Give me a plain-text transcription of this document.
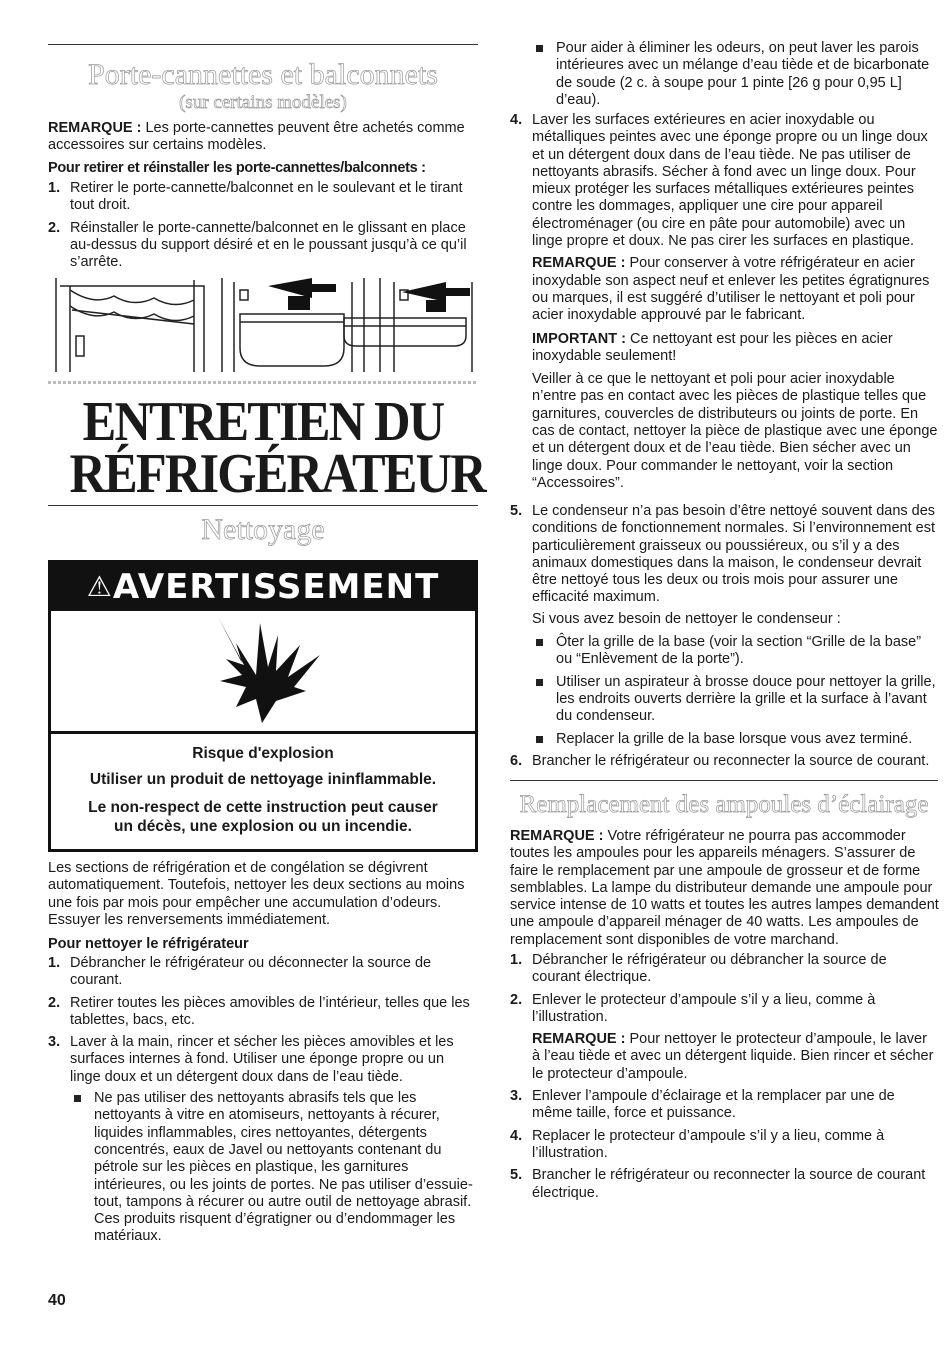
Porte-cannettes et balconnets
(sur certains modèles)

REMARQUE : Les porte-cannettes peuvent être achetés comme accessoires sur certains modèles.

Pour retirer et réinstaller les porte-cannettes/balconnets :

1. Retirer le porte-cannette/balconnet en le soulevant et le tirant tout droit.
2. Réinstaller le porte-cannette/balconnet en le glissant en place au-dessus du support désiré et en le poussant jusqu’à ce qu’il s’arrête.
ENTRETIEN DU
RÉFRIGÉRATEUR
Nettoyage
⚠AVERTISSEMENT
Risque d'explosion
Utiliser un produit de nettoyage ininflammable.
Le non-respect de cette instruction peut causer un décès, une explosion ou un incendie.

Les sections de réfrigération et de congélation se dégivrent automatiquement. Toutefois, nettoyer les deux sections au moins une fois par mois pour empêcher une accumulation d’odeurs. Essuyer les renversements immédiatement.

Pour nettoyer le réfrigérateur

1. Débrancher le réfrigérateur ou déconnecter la source de courant.
2. Retirer toutes les pièces amovibles de l’intérieur, telles que les tablettes, bacs, etc.
3. Laver à la main, rincer et sécher les pièces amovibles et les surfaces internes à fond. Utiliser une éponge propre ou un linge doux et un détergent doux dans de l’eau tiède.
Ne pas utiliser des nettoyants abrasifs tels que les nettoyants à vitre en atomiseurs, nettoyants à récurer, liquides inflammables, cires nettoyantes, détergents concentrés, eaux de Javel ou nettoyants contenant du pétrole sur les pièces en plastique, les garnitures intérieures, ou les joints de portes. Ne pas utiliser d’essuie-tout, tampons à récurer ou autre outil de nettoyage abrasif. Ces produits risquent d’égratigner ou d’endommager les matériaux.
40
Pour aider à éliminer les odeurs, on peut laver les parois intérieures avec un mélange d’eau tiède et de bicarbonate de soude (2 c. à soupe pour 1 pinte [26 g pour 0,95 L] d’eau).
4. Laver les surfaces extérieures en acier inoxydable ou métalliques peintes avec une éponge propre ou un linge doux et un détergent doux dans de l’eau tiède. Ne pas utiliser de nettoyants abrasifs. Sécher à fond avec un linge doux. Pour mieux protéger les surfaces métalliques extérieures peintes contre les dommages, appliquer une cire pour appareil électroménager (ou cire en pâte pour automobile) avec un linge propre et doux. Ne pas cirer les surfaces en plastique.

REMARQUE : Pour conserver à votre réfrigérateur en acier inoxydable son aspect neuf et enlever les petites égratignures ou marques, il est suggéré d’utiliser le nettoyant et poli pour acier inoxydable approuvé par le fabricant.

IMPORTANT : Ce nettoyant est pour les pièces en acier inoxydable seulement!

Veiller à ce que le nettoyant et poli pour acier inoxydable n’entre pas en contact avec les pièces de plastique telles que garnitures, couvercles de distributeurs ou joints de porte. En cas de contact, nettoyer la pièce de plastique avec une éponge et un détergent doux et de l’eau tiède. Bien sécher avec un linge doux. Pour commander le nettoyant, voir la section “Accessoires”.

5. Le condenseur n’a pas besoin d’être nettoyé souvent dans des conditions de fonctionnement normales. Si l’environnement est particulièrement graisseux ou poussiéreux, ou s’il y a des animaux domestiques dans la maison, le condenseur devrait être nettoyé tous les deux ou trois mois pour assurer une efficacité maximum.

Si vous avez besoin de nettoyer le condenseur :

Ôter la grille de la base (voir la section “Grille de la base” ou “Enlèvement de la porte”).
Utiliser un aspirateur à brosse douce pour nettoyer la grille, les endroits ouverts derrière la grille et la surface à l’avant du condenseur.
Replacer la grille de la base lorsque vous avez terminé.
6. Brancher le réfrigérateur ou reconnecter la source de courant.
Remplacement des ampoules d’éclairage

REMARQUE : Votre réfrigérateur ne pourra pas accommoder toutes les ampoules pour les appareils ménagers. S’assurer de faire le remplacement par une ampoule de grosseur et de forme semblables. La lampe du distributeur demande une ampoule pour service intense de 10 watts et toutes les autres lampes demandent une ampoule d’appareil ménager de 40 watts. Les ampoules de remplacement sont disponibles de votre marchand.

1. Débrancher le réfrigérateur ou débrancher la source de courant électrique.
2. Enlever le protecteur d’ampoule s’il y a lieu, comme à l’illustration.

REMARQUE : Pour nettoyer le protecteur d’ampoule, le laver à l’eau tiède et avec un détergent liquide. Bien rincer et sécher le protecteur d’ampoule.

3. Enlever l’ampoule d’éclairage et la remplacer par une de même taille, force et puissance.
4. Replacer le protecteur d’ampoule s’il y a lieu, comme à l’illustration.
5. Brancher le réfrigérateur ou reconnecter la source de courant électrique.
